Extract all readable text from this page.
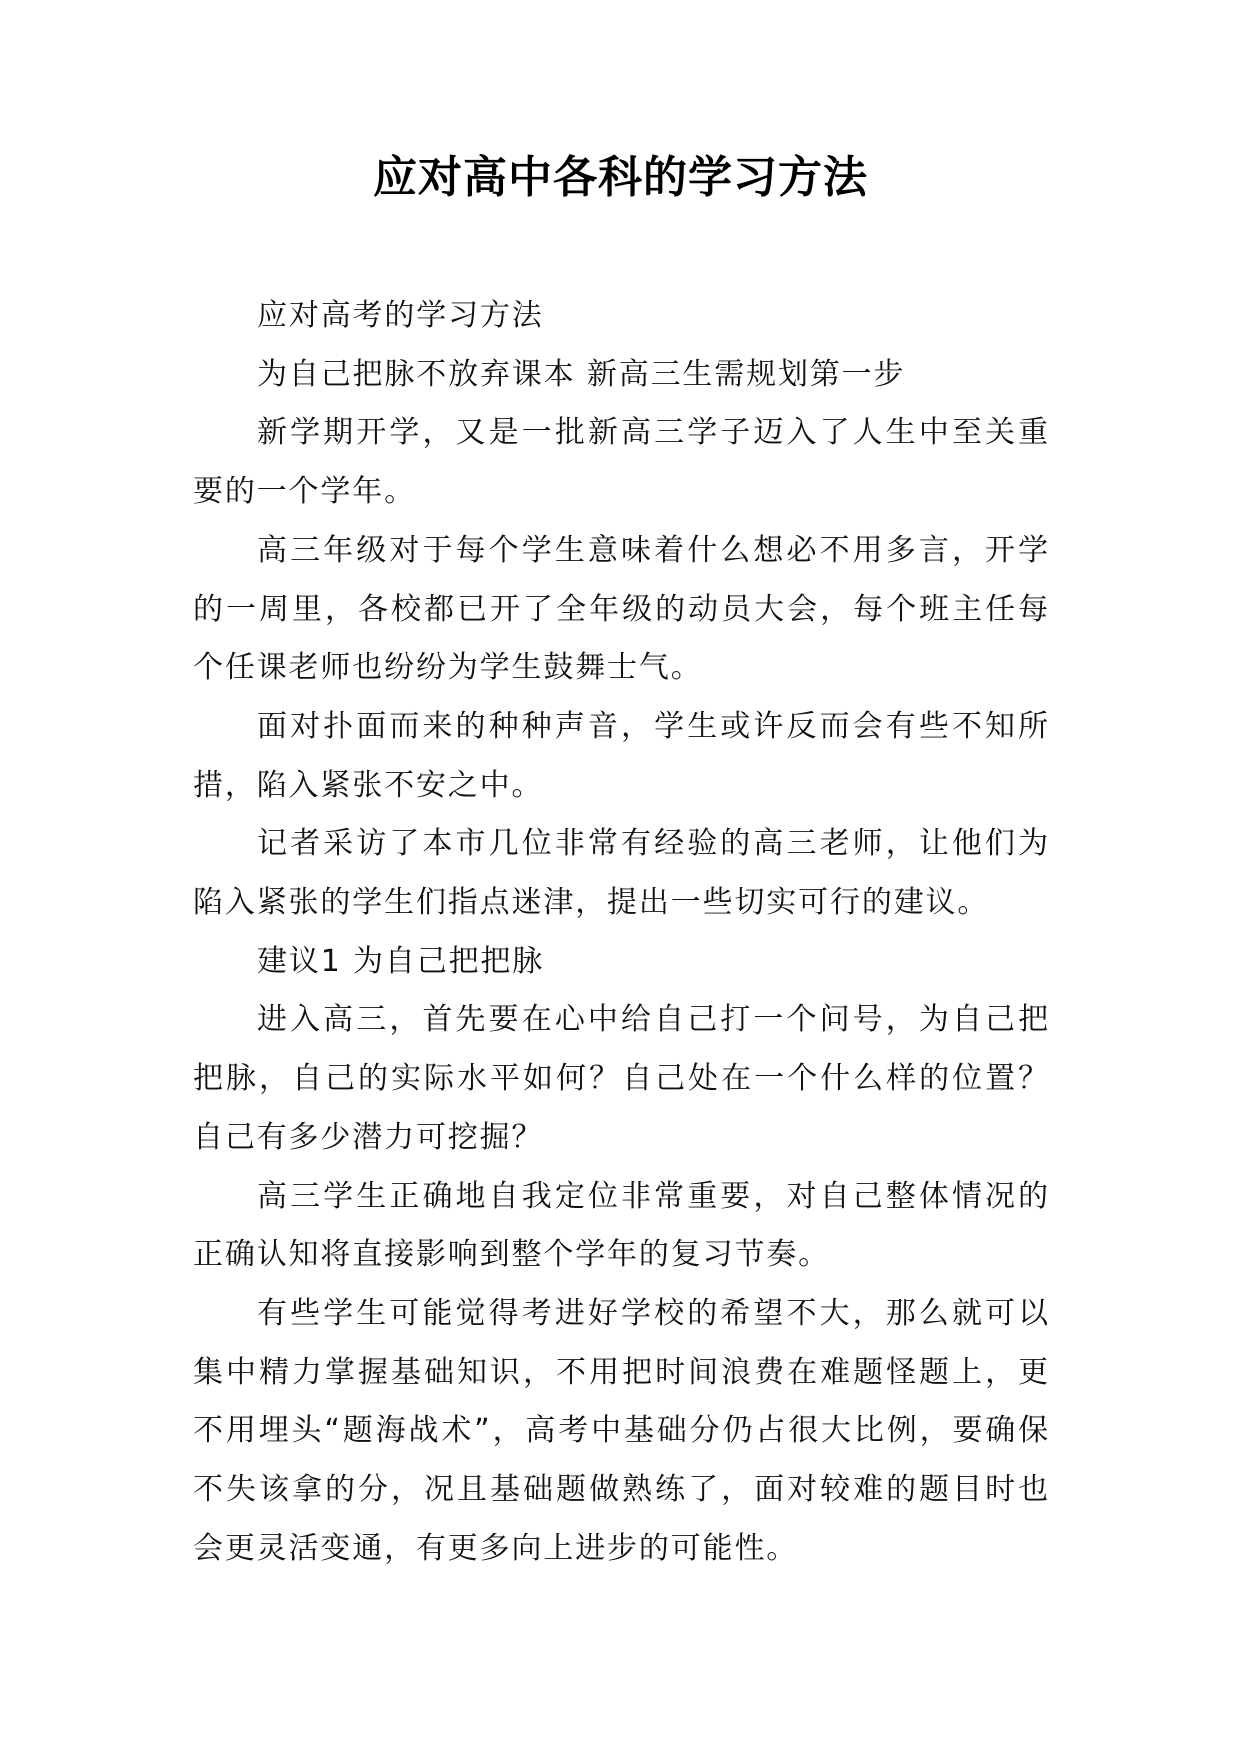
应对高中各科的学习方法

应对高考的学习方法

为自己把脉不放弃课本 新高三生需规划第一步

新学期开学，又是一批新高三学子迈入了人生中至关重要的一个学年。

高三年级对于每个学生意味着什么想必不用多言，开学的一周里，各校都已开了全年级的动员大会，每个班主任每个任课老师也纷纷为学生鼓舞士气。

面对扑面而来的种种声音，学生或许反而会有些不知所措，陷入紧张不安之中。

记者采访了本市几位非常有经验的高三老师，让他们为陷入紧张的学生们指点迷津，提出一些切实可行的建议。

建议1 为自己把把脉

进入高三，首先要在心中给自己打一个问号，为自己把把脉，自己的实际水平如何？自己处在一个什么样的位置？自己有多少潜力可挖掘？

高三学生正确地自我定位非常重要，对自己整体情况的正确认知将直接影响到整个学年的复习节奏。

有些学生可能觉得考进好学校的希望不大，那么就可以集中精力掌握基础知识，不用把时间浪费在难题怪题上，更不用埋头“题海战术”，高考中基础分仍占很大比例，要确保不失该拿的分，况且基础题做熟练了，面对较难的题目时也会更灵活变通，有更多向上进步的可能性。
